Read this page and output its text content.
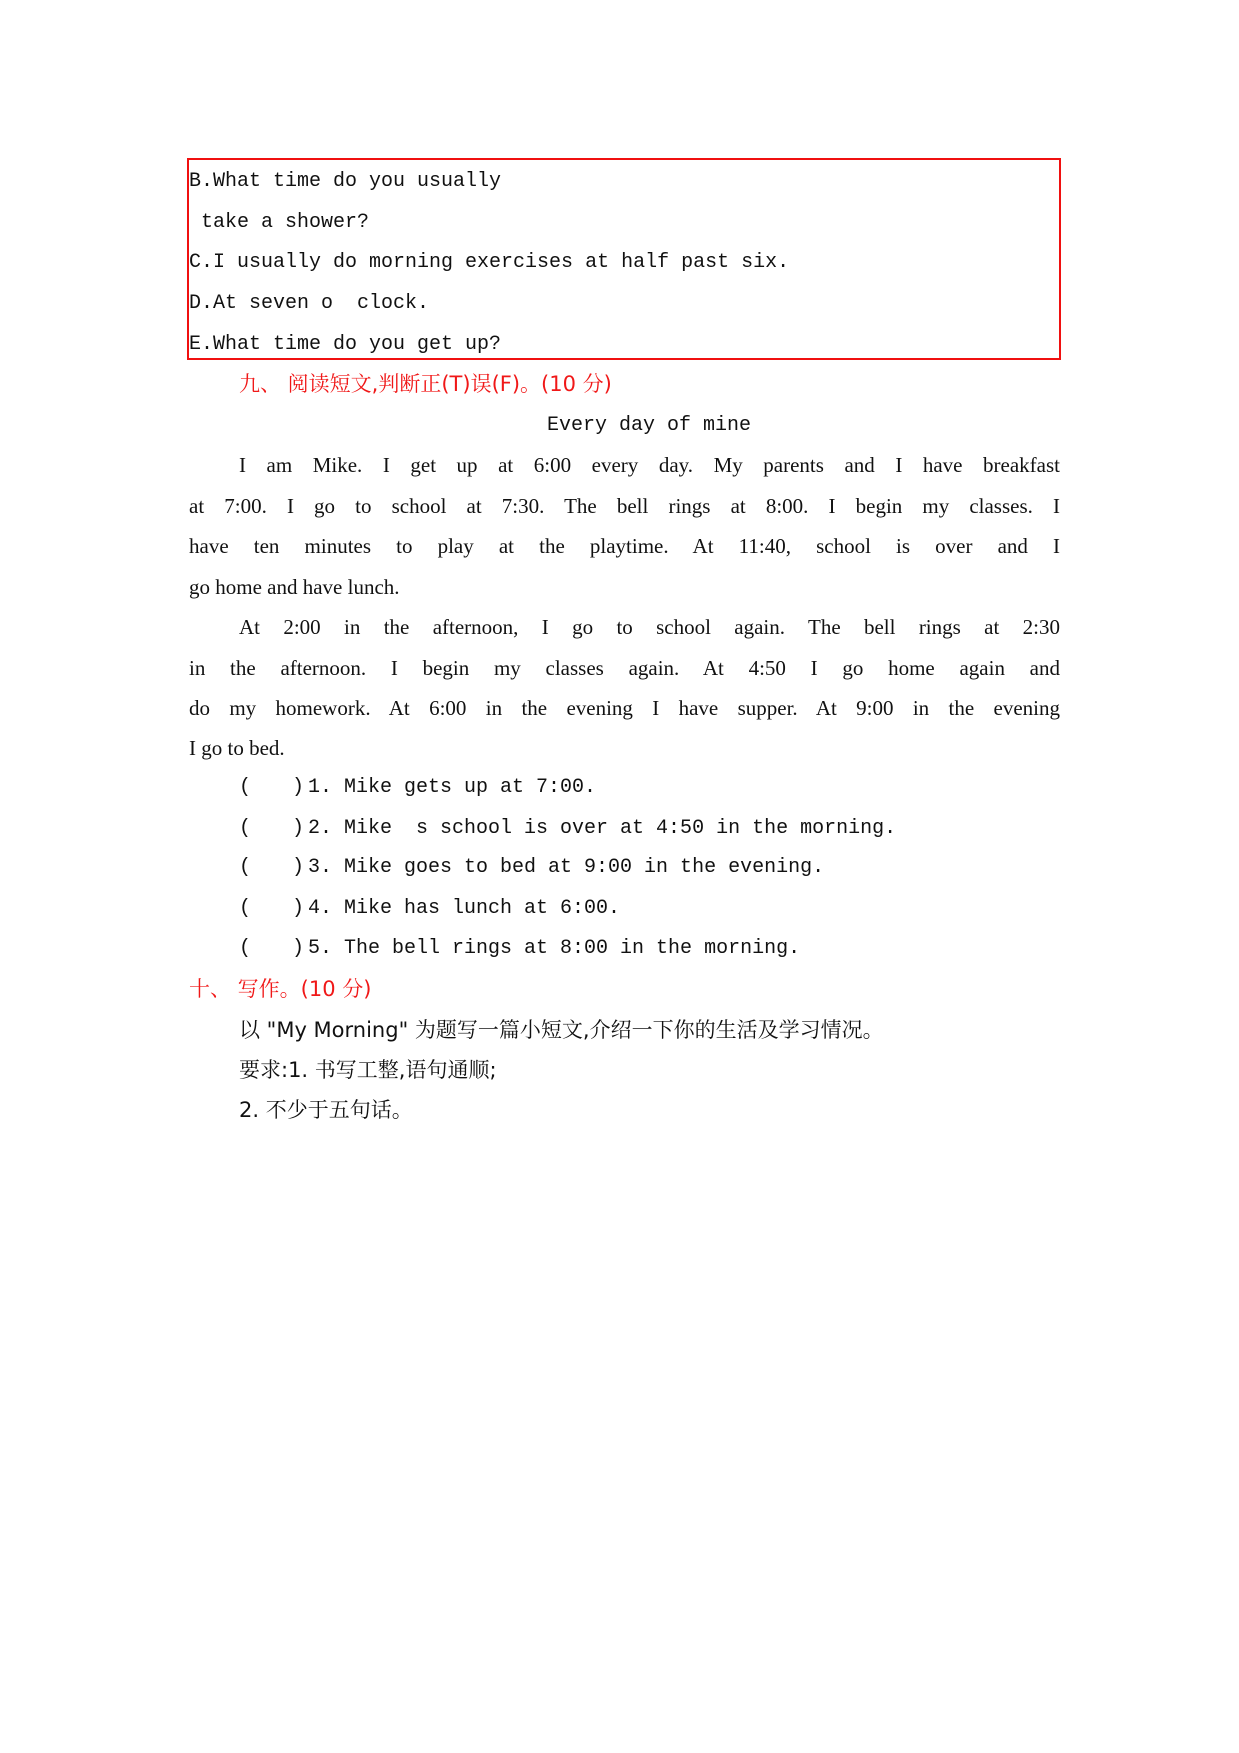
B.What time do you usually
take a shower?
C.I usually do morning exercises at half past six.
D.At seven o  clock.
E.What time do you get up?
九、 阅读短文,判断正(T)误(F)。(10 分)
Every day of mine
I am Mike. I get up at 6:00 every day. My parents and I have breakfast
at 7:00. I go to school at 7:30. The bell rings at 8:00. I begin my classes. I
have ten minutes to play at the playtime. At 11:40, school is over and I
go home and have lunch.
At 2:00 in the afternoon, I go to school again. The bell rings at 2:30
in the afternoon. I begin my classes again. At 4:50 I go home again and
do my homework. At 6:00 in the evening I have supper. At 9:00 in the evening
I go to bed.
( ) 1. Mike gets up at 7:00.
( ) 2. Mike  s school is over at 4:50 in the morning.
( ) 3. Mike goes to bed at 9:00 in the evening.
( ) 4. Mike has lunch at 6:00.
( ) 5. The bell rings at 8:00 in the morning.
十、 写作。(10 分)
以 "My Morning" 为题写一篇小短文,介绍一下你的生活及学习情况。
要求:1. 书写工整,语句通顺;
2. 不少于五句话。
